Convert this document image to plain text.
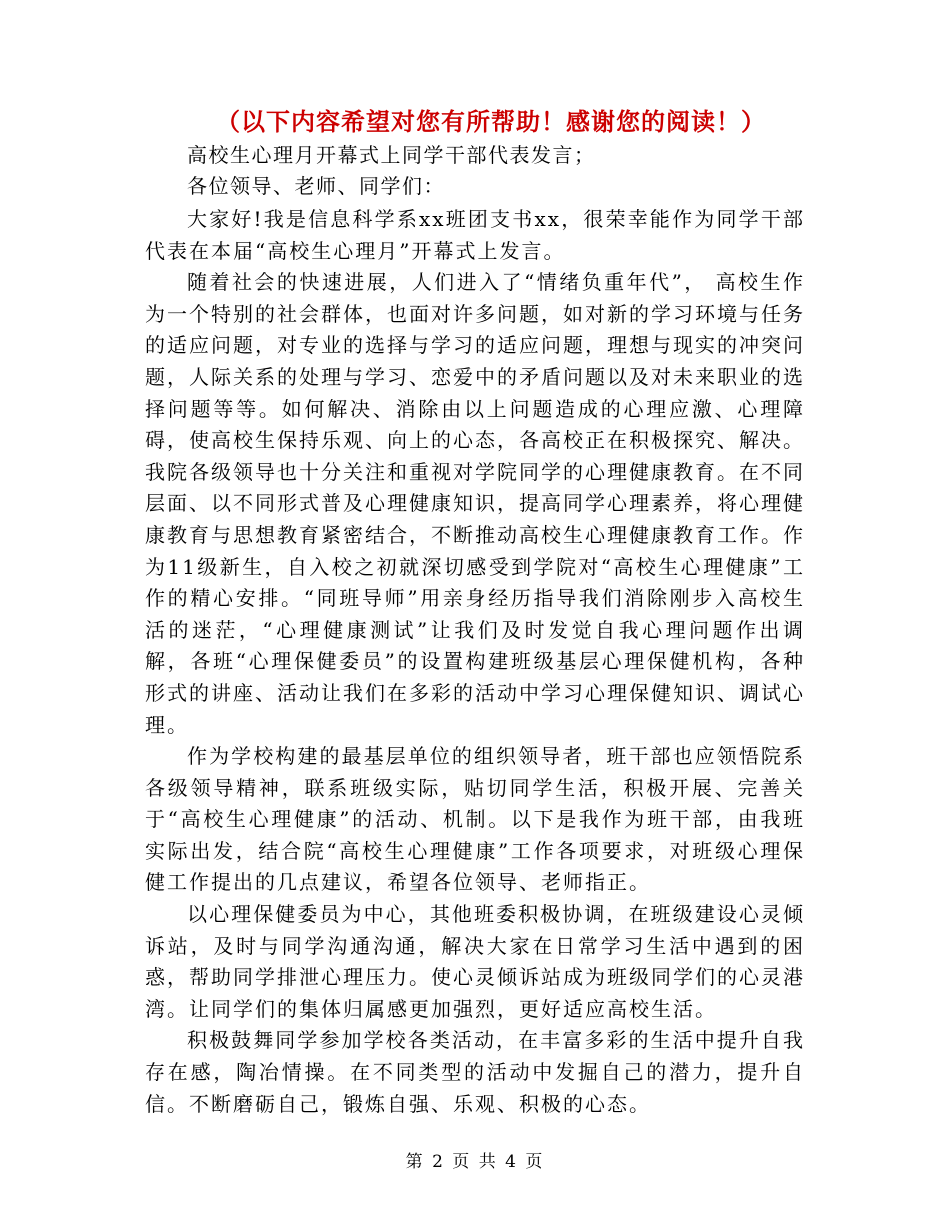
（以下内容希望对您有所帮助！感谢您的阅读！）
高校生心理月开幕式上同学干部代表发言；
各位领导、老师、同学们：

大家好!我是信息科学系xx班团支书xx，很荣幸能作为同学干部代表在本届“高校生心理月”开幕式上发言。

随着社会的快速进展，人们进入了“情绪负重年代”， 高校生作为一个特别的社会群体，也面对许多问题，如对新的学习环境与任务的适应问题，对专业的选择与学习的适应问题，理想与现实的冲突问题，人际关系的处理与学习、恋爱中的矛盾问题以及对未来职业的选择问题等等。如何解决、消除由以上问题造成的心理应激、心理障碍，使高校生保持乐观、向上的心态，各高校正在积极探究、解决。我院各级领导也十分关注和重视对学院同学的心理健康教育。在不同层面、以不同形式普及心理健康知识，提高同学心理素养，将心理健康教育与思想教育紧密结合，不断推动高校生心理健康教育工作。作为11级新生，自入校之初就深切感受到学院对“高校生心理健康”工作的精心安排。“同班导师”用亲身经历指导我们消除刚步入高校生活的迷茫，“心理健康测试”让我们及时发觉自我心理问题作出调解，各班“心理保健委员”的设置构建班级基层心理保健机构，各种形式的讲座、活动让我们在多彩的活动中学习心理保健知识、调试心理。

作为学校构建的最基层单位的组织领导者，班干部也应领悟院系各级领导精神，联系班级实际，贴切同学生活，积极开展、完善关于“高校生心理健康”的活动、机制。以下是我作为班干部，由我班实际出发，结合院“高校生心理健康”工作各项要求，对班级心理保健工作提出的几点建议，希望各位领导、老师指正。

以心理保健委员为中心，其他班委积极协调，在班级建设心灵倾诉站，及时与同学沟通沟通，解决大家在日常学习生活中遇到的困惑，帮助同学排泄心理压力。使心灵倾诉站成为班级同学们的心灵港湾。让同学们的集体归属感更加强烈，更好适应高校生活。

积极鼓舞同学参加学校各类活动，在丰富多彩的生活中提升自我存在感，陶冶情操。在不同类型的活动中发掘自己的潜力，提升自信。不断磨砺自己，锻炼自强、乐观、积极的心态。

第 2 页 共 4 页
